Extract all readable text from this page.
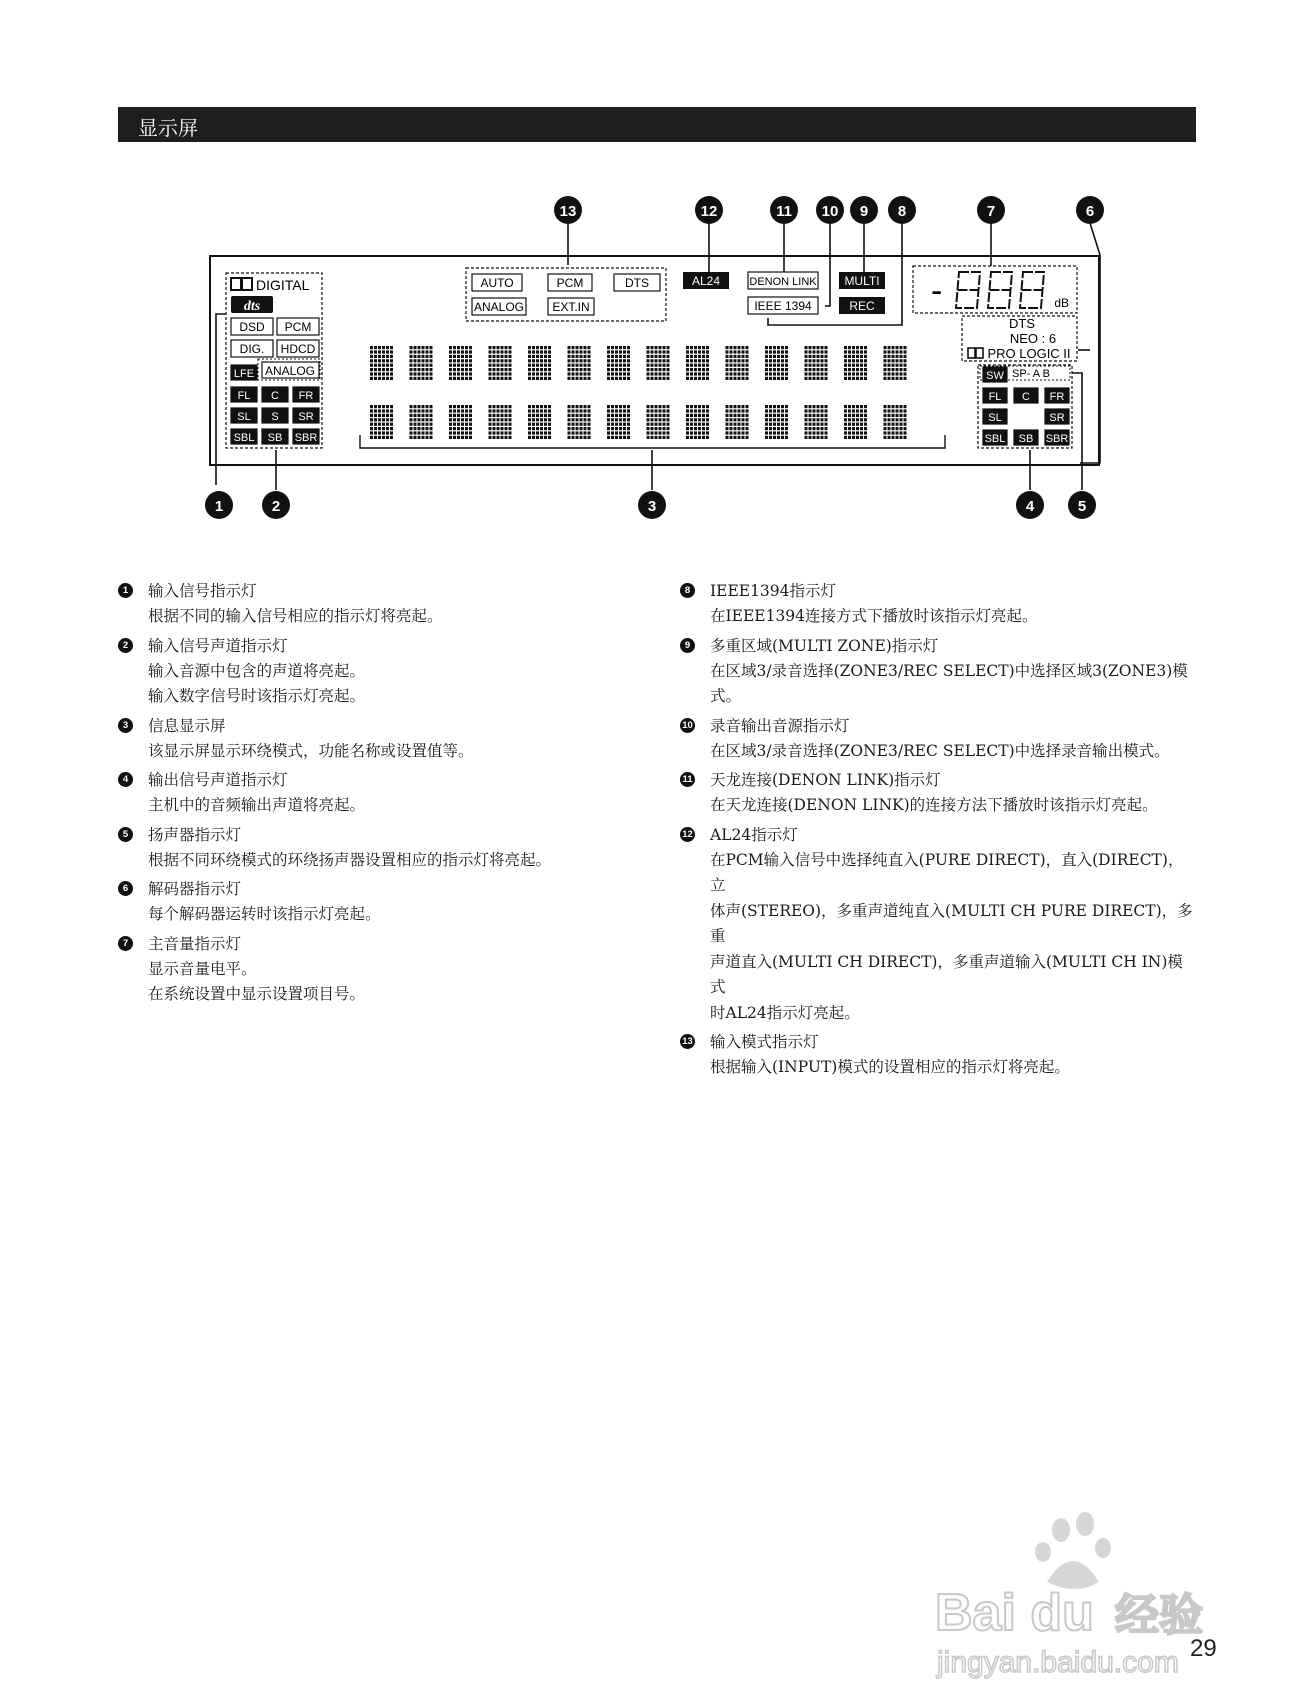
显示屏
13	12	11 10 9 8	7	6
1	2	3	4	5
DIGITAL
dts
DSD PCM
DIG. HDCD
ANALOG
LFE
FL C FR
SL S SR
SBL SB SBR
AUTO	PCM	DTS
ANALOG EXT.IN
AL24	DENON LINK
IEEE 1394
MULTI
REC -	dB
DTS
NEO : 6
PRO LOGIC II
SP- A B
SW
FL C FR
SL	SR
SBL SB SBR
1	输入信号指示灯
根据不同的输入信号相应的指示灯将亮起。
2	输入信号声道指示灯
输入音源中包含的声道将亮起。
输入数字信号时该指示灯亮起。
3	信息显示屏
该显示屏显示环绕模式，功能名称或设置值等。
4	输出信号声道指示灯
主机中的音频输出声道将亮起。
5	扬声器指示灯
根据不同环绕模式的环绕扬声器设置相应的指示灯将亮起。
6	解码器指示灯
每个解码器运转时该指示灯亮起。
7	主音量指示灯
显示音量电平。
在系统设置中显示设置项目号。
8	IEEE1394指示灯
在IEEE1394连接方式下播放时该指示灯亮起。
9	多重区域(MULTI ZONE)指示灯
在区域3/录音选择(ZONE3/REC SELECT)中选择区域3(ZONE3)模式。
10 录音输出音源指示灯
在区域3/录音选择(ZONE3/REC SELECT)中选择录音输出模式。
11 天龙连接(DENON LINK)指示灯
在天龙连接(DENON LINK)的连接方法下播放时该指示灯亮起。
12 AL24指示灯
在PCM输入信号中选择纯直入(PURE DIRECT)，直入(DIRECT)，立
体声(STEREO)，多重声道纯直入(MULTI CH PURE DIRECT)，多重
声道直入(MULTI CH DIRECT)，多重声道输入(MULTI CH IN)模式
时AL24指示灯亮起。
13 输入模式指示灯
根据输入(INPUT)模式的设置相应的指示灯将亮起。
Bai du 经验
jingyan.baidu.com 29
